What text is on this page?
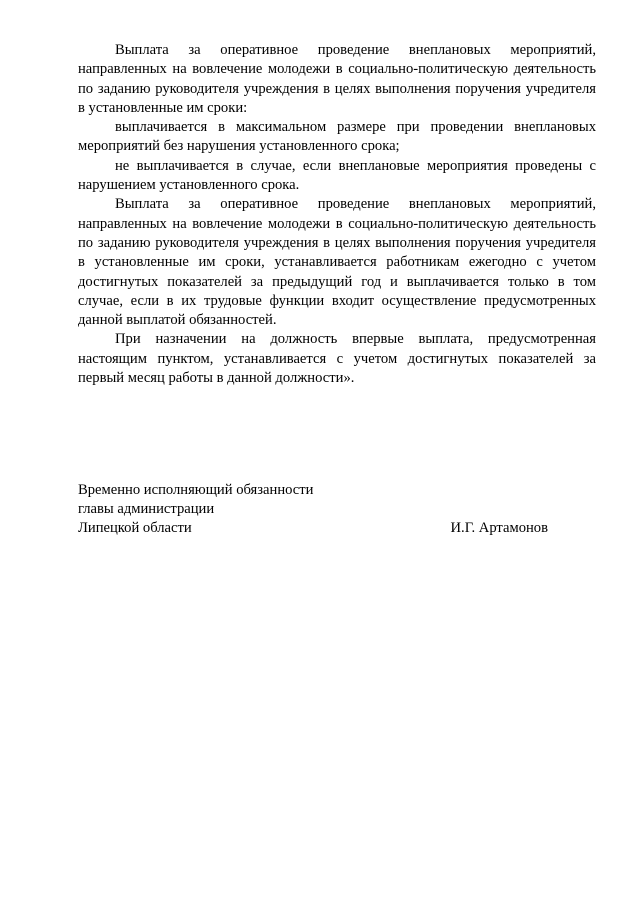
Выплата за оперативное проведение внеплановых мероприятий, направленных на вовлечение молодежи в социально-политическую деятельность по заданию руководителя учреждения в целях выполнения поручения учредителя в установленные им сроки:

выплачивается в максимальном размере при проведении внеплановых мероприятий без нарушения установленного срока;

не выплачивается в случае, если внеплановые мероприятия проведены с нарушением установленного срока.

Выплата за оперативное проведение внеплановых мероприятий, направленных на вовлечение молодежи в социально-политическую деятельность по заданию руководителя учреждения в целях выполнения поручения учредителя в установленные им сроки, устанавливается работникам ежегодно с учетом достигнутых показателей за предыдущий год и выплачивается только в том случае, если в их трудовые функции входит осуществление предусмотренных данной выплатой обязанностей.

При назначении на должность впервые выплата, предусмотренная настоящим пунктом, устанавливается с учетом достигнутых показателей за первый месяц работы в данной должности».

Временно исполняющий обязанности

главы администрации

Липецкой области	И.Г. Артамонов
